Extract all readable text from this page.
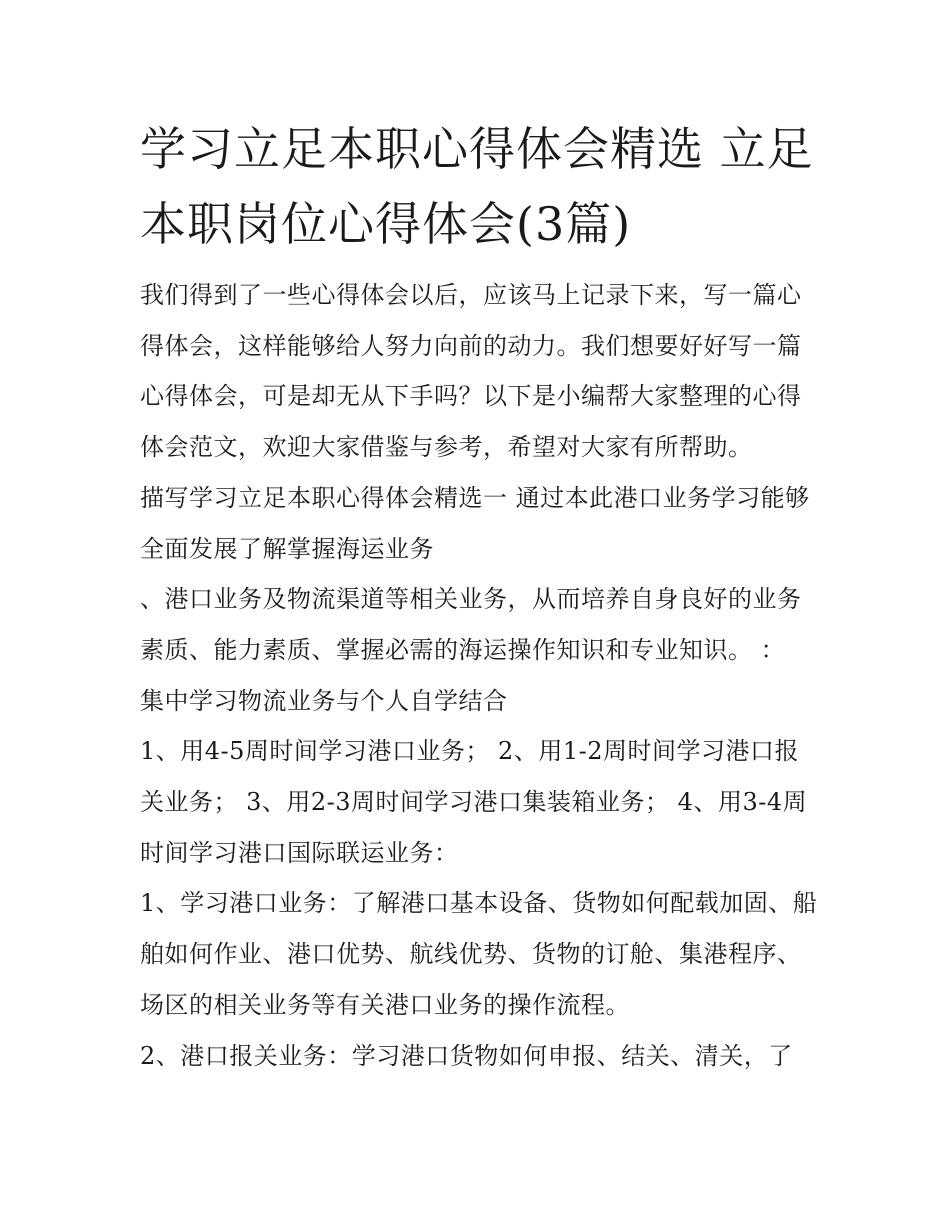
学习立足本职心得体会精选 立足本职岗位心得体会(3篇)

我们得到了一些心得体会以后，应该马上记录下来，写一篇心得体会，这样能够给人努力向前的动力。我们想要好好写一篇心得体会，可是却无从下手吗？以下是小编帮大家整理的心得体会范文，欢迎大家借鉴与参考，希望对大家有所帮助。

描写学习立足本职心得体会精选一 通过本此港口业务学习能够全面发展了解掌握海运业务

、港口业务及物流渠道等相关业务，从而培养自身良好的业务素质、能力素质、掌握必需的海运操作知识和专业知识。 ：

集中学习物流业务与个人自学结合

1、用4-5周时间学习港口业务； 2、用1-2周时间学习港口报关业务； 3、用2-3周时间学习港口集装箱业务； 4、用3-4周时间学习港口国际联运业务：

1、学习港口业务：了解港口基本设备、货物如何配载加固、船舶如何作业、港口优势、航线优势、货物的订舱、集港程序、场区的相关业务等有关港口业务的操作流程。

2、港口报关业务：学习港口货物如何申报、结关、清关，了
